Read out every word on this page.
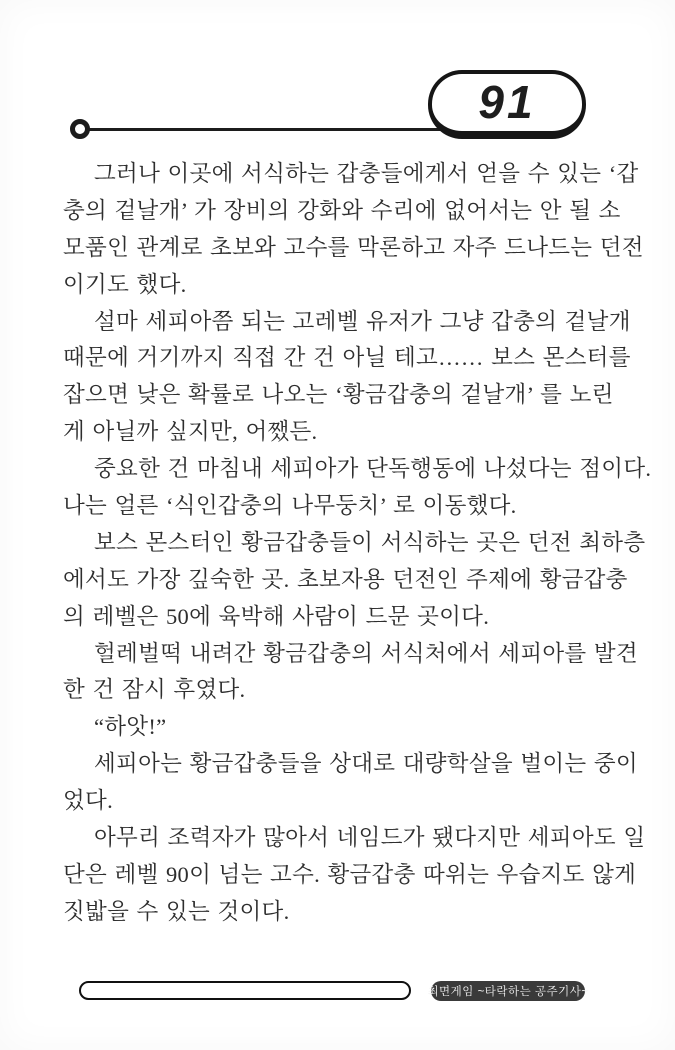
91
그러나 이곳에 서식하는 갑충들에게서 얻을 수 있는 ‘갑
충의 겉날개’ 가 장비의 강화와 수리에 없어서는 안 될 소
모품인 관계로 초보와 고수를 막론하고 자주 드나드는 던전
이기도 했다.
설마 세피아쯤 되는 고레벨 유저가 그냥 갑충의 겉날개
때문에 거기까지 직접 간 건 아닐 테고…… 보스 몬스터를
잡으면 낮은 확률로 나오는 ‘황금갑충의 겉날개’ 를 노린
게 아닐까 싶지만, 어쨌든.
중요한 건 마침내 세피아가 단독행동에 나섰다는 점이다.
나는 얼른 ‘식인갑충의 나무둥치’ 로 이동했다.
보스 몬스터인 황금갑충들이 서식하는 곳은 던전 최하층
에서도 가장 깊숙한 곳. 초보자용 던전인 주제에 황금갑충
의 레벨은 50에 육박해 사람이 드문 곳이다.
헐레벌떡 내려간 황금갑충의 서식처에서 세피아를 발견
한 건 잠시 후였다.
“하앗!”
세피아는 황금갑충들을 상대로 대량학살을 벌이는 중이
었다.
아무리 조력자가 많아서 네임드가 됐다지만 세피아도 일
단은 레벨 90이 넘는 고수. 황금갑충 따위는 우습지도 않게
짓밟을 수 있는 것이다.
최면게임 ~타락하는 공주기사~
